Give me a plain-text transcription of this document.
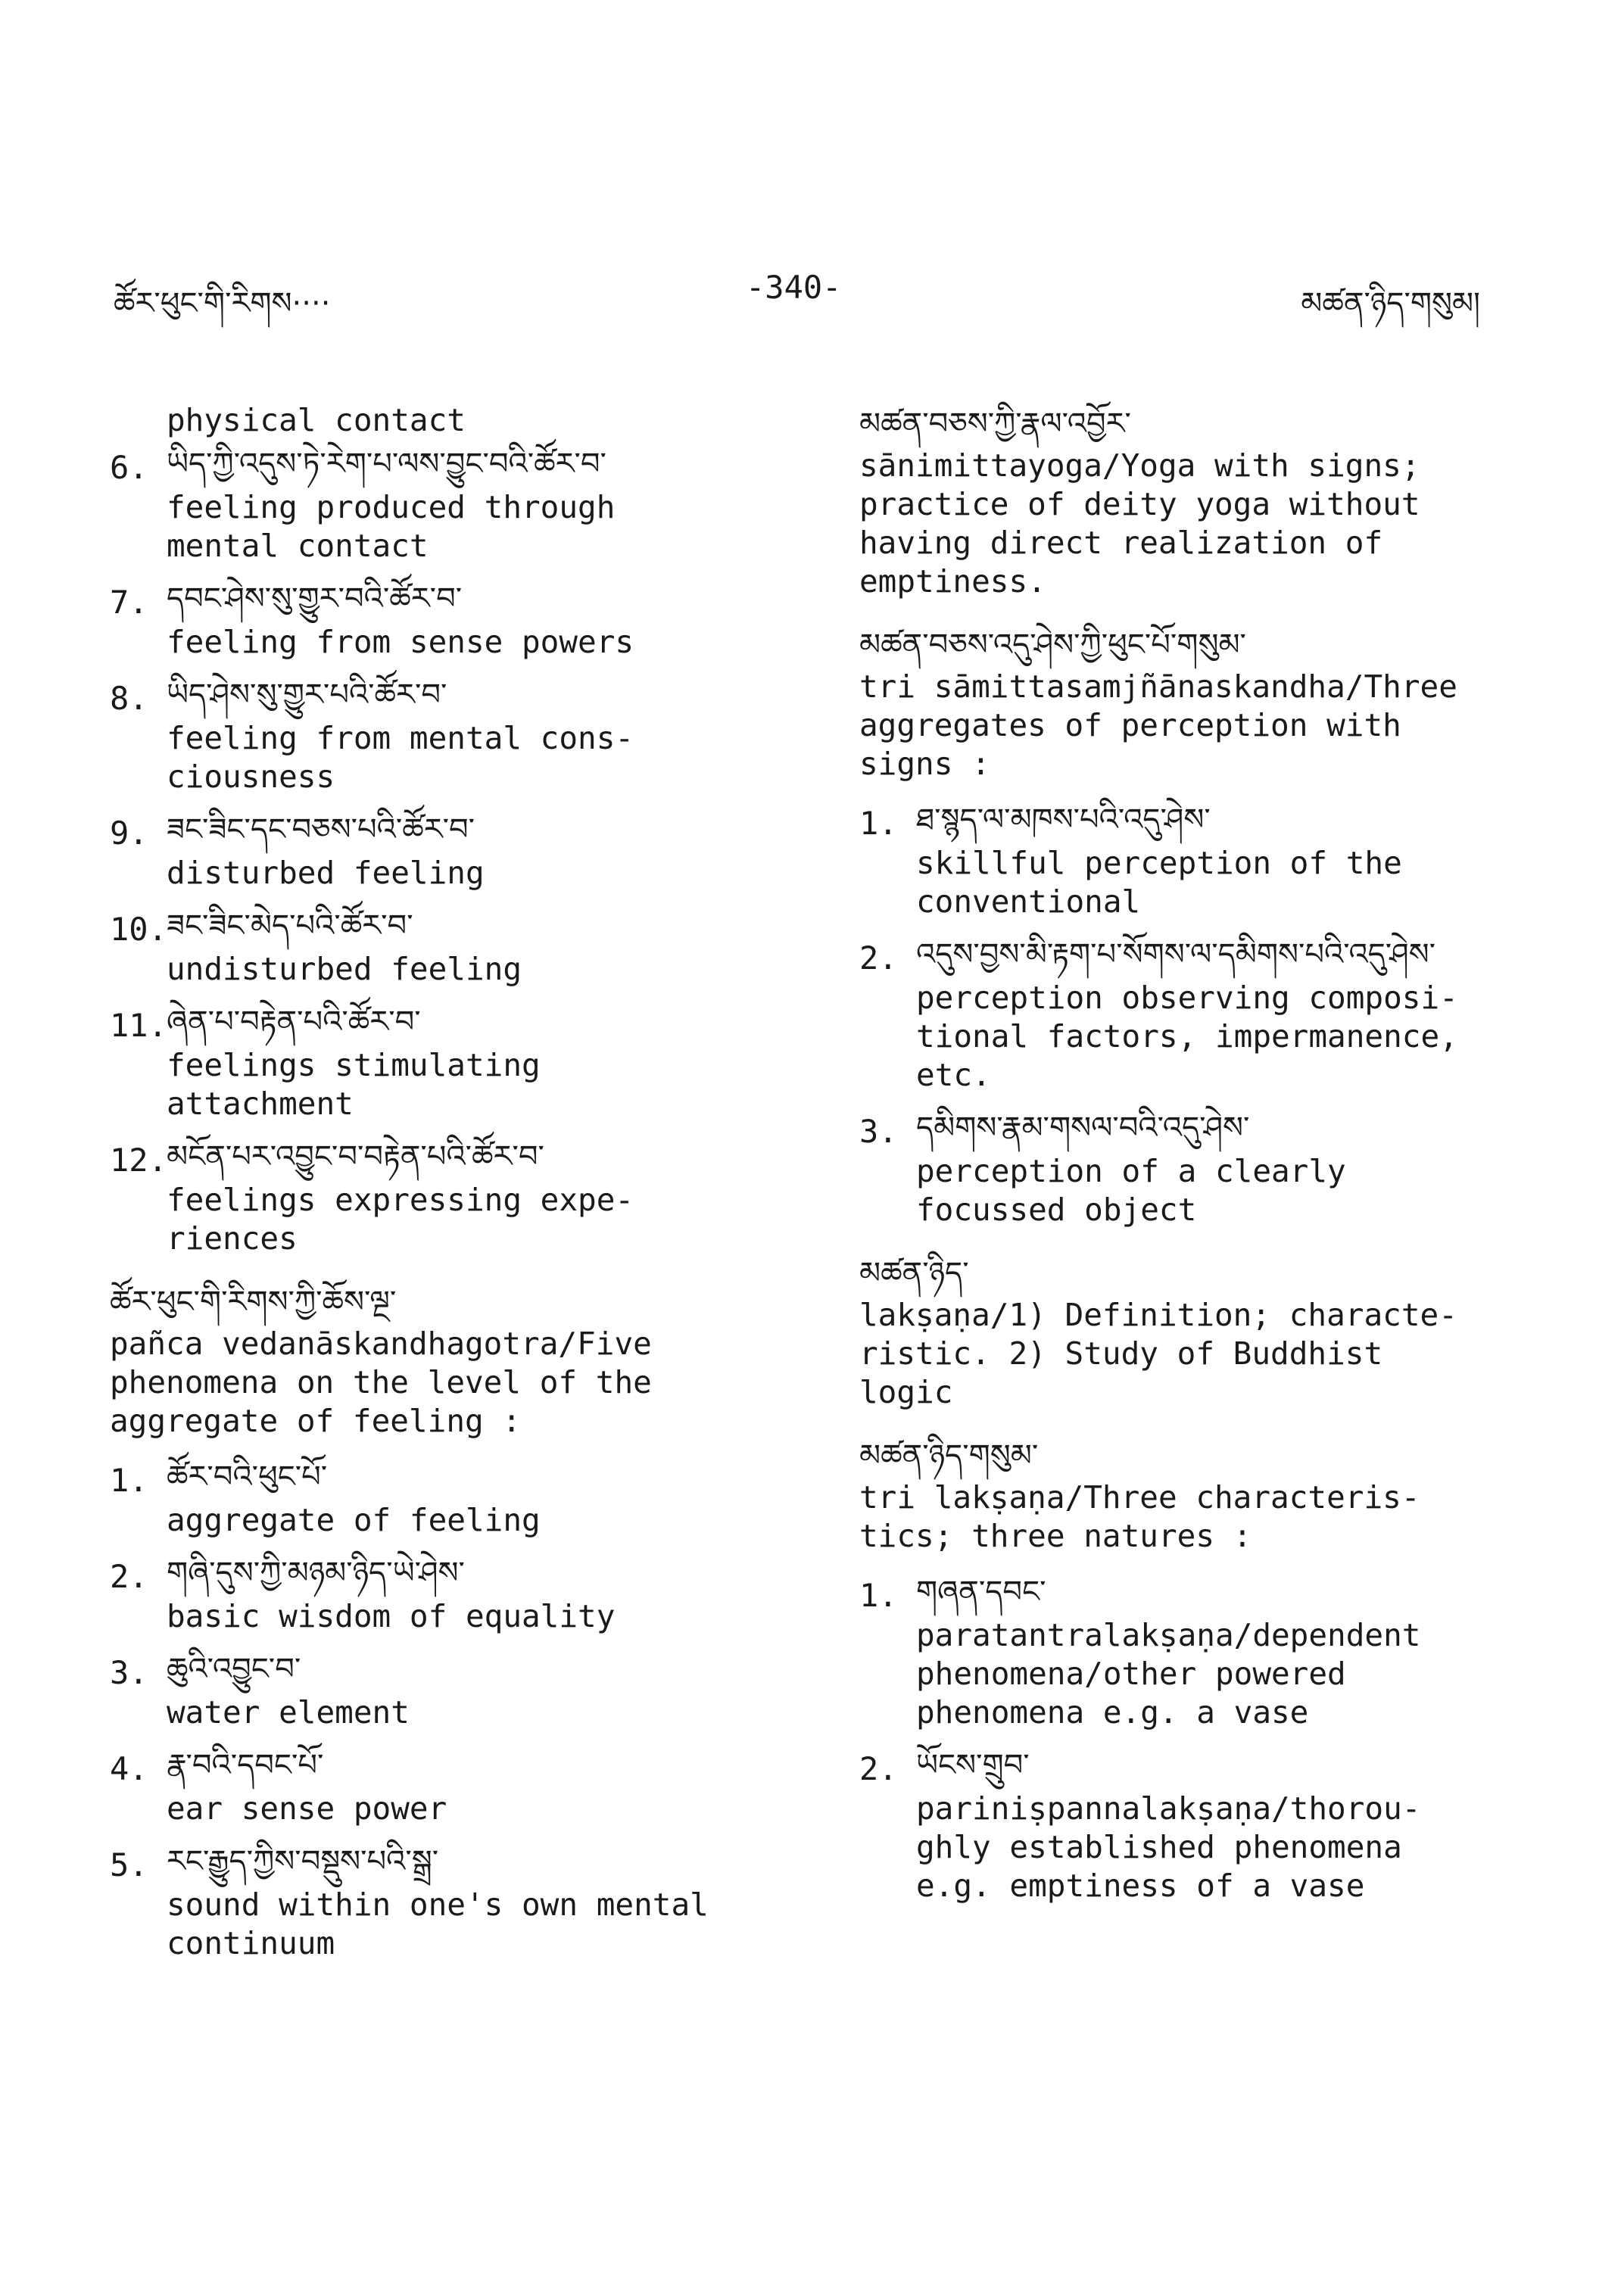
ཚོར་ཕུང་གི་རིགས····	-340-	མཚན་ཉིད་གསུམ།
physical contact
6. ཡིད་ཀྱི་འདུས་ཏེ་རེག་པ་ལས་བྱུང་བའི་ཚོར་བ་
feeling produced through
mental contact
7. དབང་ཤེས་སུ་གྱུར་བའི་ཚོར་བ་
feeling from sense powers
8. ཡིད་ཤེས་སུ་གྱུར་པའི་ཚོར་བ་
feeling from mental cons-
ciousness
9. ཟང་ཟིང་དང་བཅས་པའི་ཚོར་བ་
disturbed feeling
10. ཟང་ཟིང་མེད་པའི་ཚོར་བ་
undisturbed feeling
11. ཞེན་པ་བརྟེན་པའི་ཚོར་བ་
feelings stimulating
attachment
12. མངོན་པར་འབྱུང་བ་བརྟེན་པའི་ཚོར་བ་
feelings expressing expe-
riences
ཚོར་ཕུང་གི་རིགས་ཀྱི་ཆོས་ལྔ་
pañca vedanāskandhagotra/Five
phenomena on the level of the
aggregate of feeling :
1. ཚོར་བའི་ཕུང་པོ་
aggregate of feeling
2. གཞི་དུས་ཀྱི་མཉམ་ཉིད་ཡེ་ཤེས་
basic wisdom of equality
3. ཆུའི་འབྱུང་བ་
water element
4. རྣ་བའི་དབང་པོ་
ear sense power
5. རང་རྒྱུད་ཀྱིས་བསྡུས་པའི་སྒྲ་
sound within one's own mental
continuum
མཚན་བཅས་ཀྱི་རྣལ་འབྱོར་
sānimittayoga/Yoga with signs;
practice of deity yoga without
having direct realization of
emptiness.
མཚན་བཅས་འདུ་ཤེས་ཀྱི་ཕུང་པོ་གསུམ་
tri sāmittasamjñānaskandha/Three
aggregates of perception with
signs :
1. ཐ་སྙད་ལ་མཁས་པའི་འདུ་ཤེས་
skillful perception of the
conventional
2. འདུས་བྱས་མི་རྟག་པ་སོགས་ལ་དམིགས་པའི་འདུ་ཤེས་
perception observing composi-
tional factors, impermanence,
etc.
3. དམིགས་རྣམ་གསལ་བའི་འདུ་ཤེས་
perception of a clearly
focussed object
མཚན་ཉིད་
lakṣaṇa/1) Definition; characte-
ristic. 2) Study of Buddhist
logic
མཚན་ཉིད་གསུམ་
tri lakṣaṇa/Three characteris-
tics; three natures :
1. གཞན་དབང་
paratantralakṣaṇa/dependent
phenomena/other powered
phenomena e.g. a vase
2. ཡོངས་གྲུབ་
pariniṣpannalakṣaṇa/thorou-
ghly established phenomena
e.g. emptiness of a vase
